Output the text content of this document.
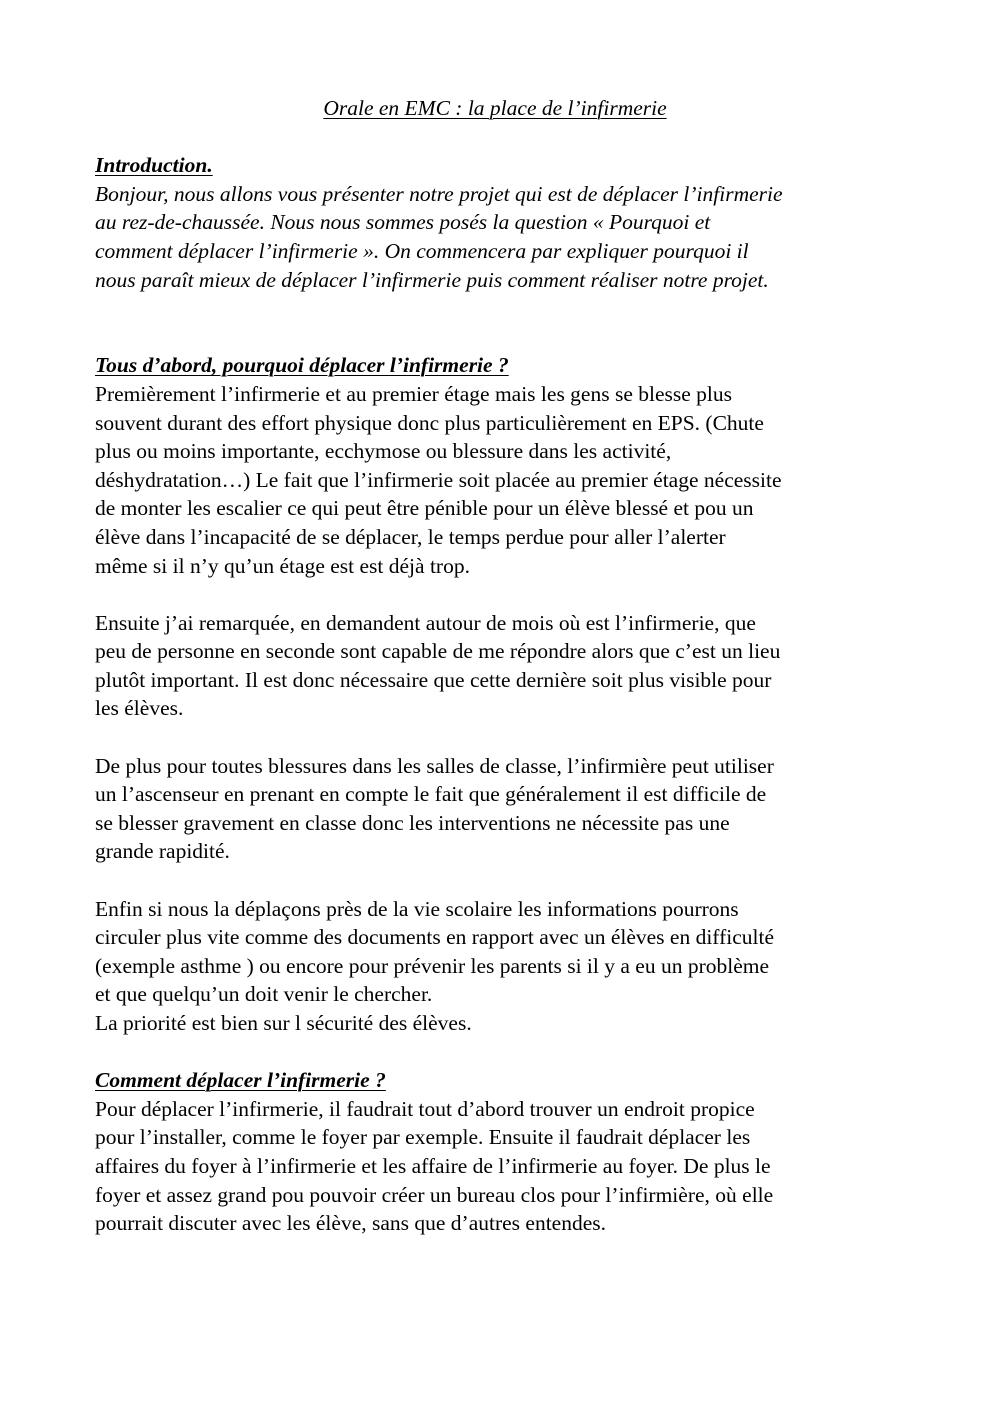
Orale en EMC : la place de l’infirmerie

Introduction.

Bonjour, nous allons vous présenter notre projet qui est de déplacer l’infirmerie
au rez-de-chaussée. Nous nous sommes posés la question « Pourquoi et
comment déplacer l’infirmerie ». On commencera par expliquer pourquoi il
nous paraît mieux de déplacer l’infirmerie puis comment réaliser notre projet.

Tous d’abord, pourquoi déplacer l’infirmerie ?

Premièrement l’infirmerie et au premier étage mais les gens se blesse plus
souvent durant des effort physique donc plus particulièrement en EPS. (Chute
plus ou moins importante, ecchymose ou blessure dans les activité,
déshydratation…) Le fait que l’infirmerie soit placée au premier étage nécessite
de monter les escalier ce qui peut être pénible pour un élève blessé et pou un
élève dans l’incapacité de se déplacer, le temps perdue pour aller l’alerter
même si il n’y qu’un étage est est déjà trop.

Ensuite j’ai remarquée, en demandent autour de mois où est l’infirmerie, que
peu de personne en seconde sont capable de me répondre alors que c’est un lieu
plutôt important. Il est donc nécessaire que cette dernière soit plus visible pour
les élèves.

De plus pour toutes blessures dans les salles de classe, l’infirmière peut utiliser
un l’ascenseur en prenant en compte le fait que généralement il est difficile de
se blesser gravement en classe donc les interventions ne nécessite pas une
grande rapidité.

Enfin si nous la déplaçons près de la vie scolaire les informations pourrons
circuler plus vite comme des documents en rapport avec un élèves en difficulté
(exemple asthme ) ou encore pour prévenir les parents si il y a eu un problème
et que quelqu’un doit venir le chercher.
La priorité est bien sur l sécurité des élèves.

Comment déplacer l’infirmerie ?

Pour déplacer l’infirmerie, il faudrait tout d’abord trouver un endroit propice
pour l’installer, comme le foyer par exemple. Ensuite il faudrait déplacer les
affaires du foyer à l’infirmerie et les affaire de l’infirmerie au foyer. De plus le
foyer et assez grand pou pouvoir créer un bureau clos pour l’infirmière, où elle
pourrait discuter avec les élève, sans que d’autres entendes.
